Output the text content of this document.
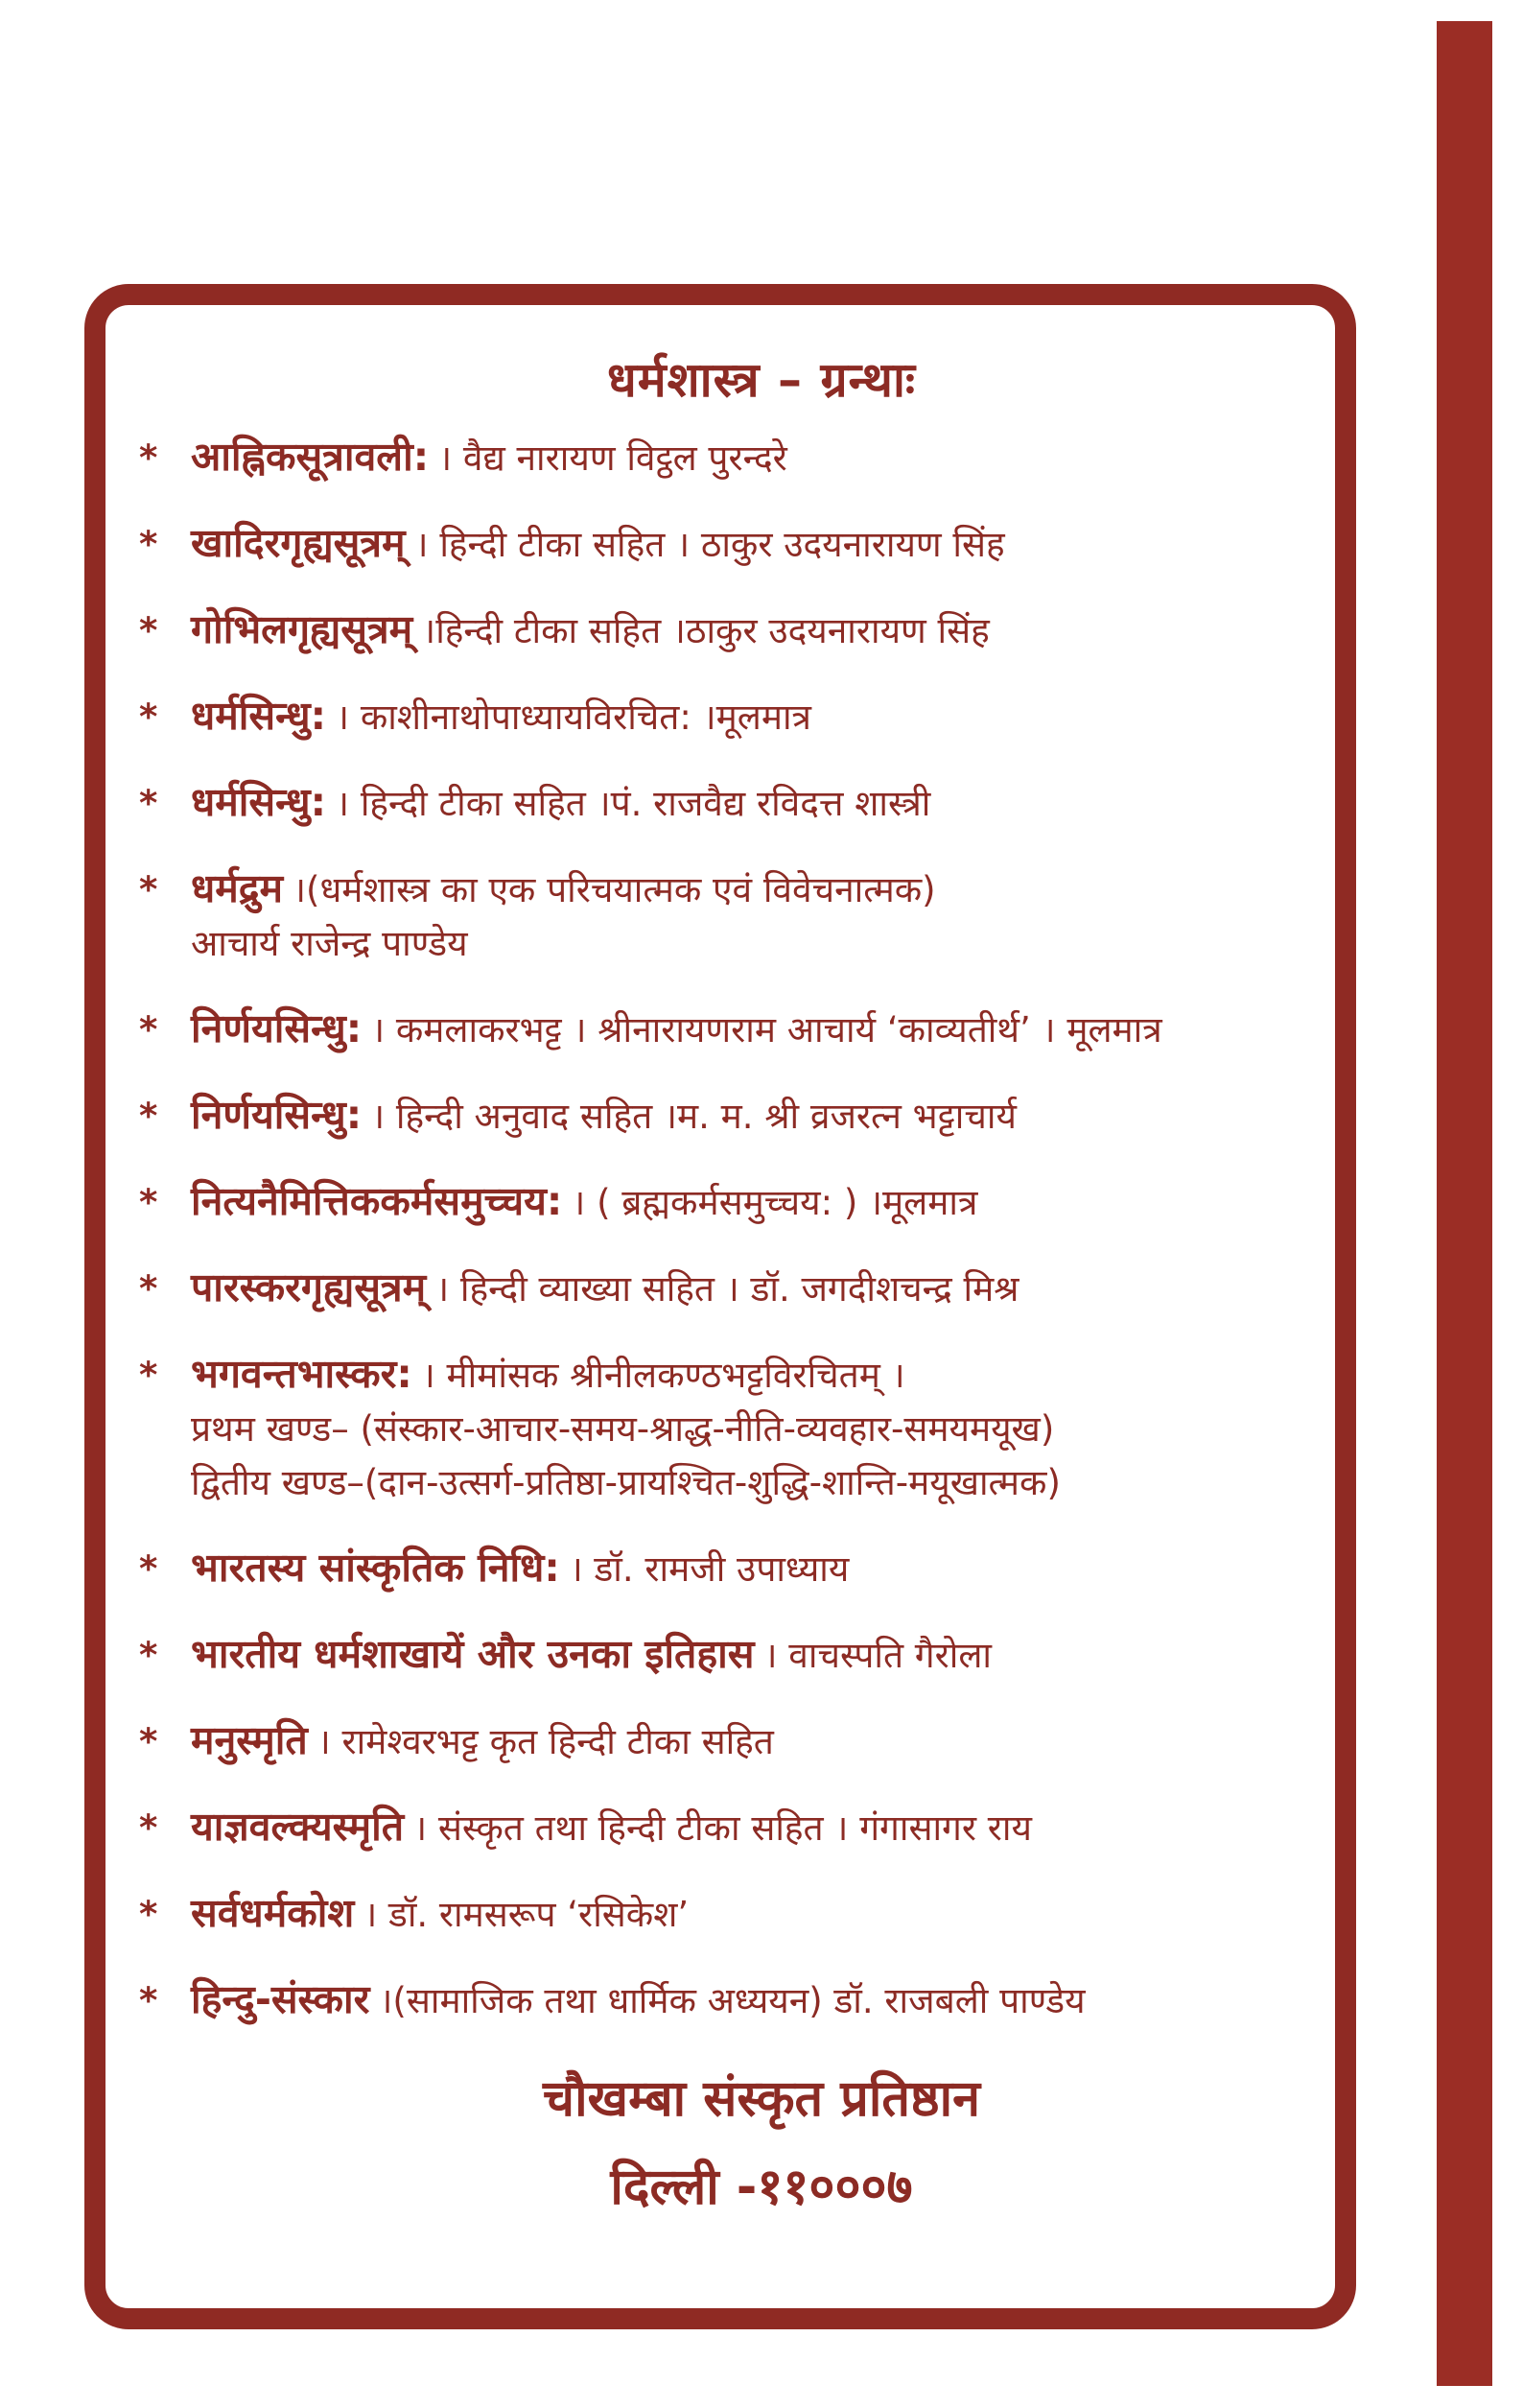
धर्मशास्त्र – ग्रन्थाः
* आह्निकसूत्रावली: । वैद्य नारायण विट्ठल पुरन्दरे
* खादिरगृह्यसूत्रम् । हिन्दी टीका सहित । ठाकुर उदयनारायण सिंह
* गोभिलगृह्यसूत्रम् ।हिन्दी टीका सहित ।ठाकुर उदयनारायण सिंह
* धर्मसिन्धु: । काशीनाथोपाध्यायविरचित: ।मूलमात्र
* धर्मसिन्धु: । हिन्दी टीका सहित ।पं. राजवैद्य रविदत्त शास्त्री
* धर्मद्रुम ।(धर्मशास्त्र का एक परिचयात्मक एवं विवेचनात्मक)
आचार्य राजेन्द्र पाण्डेय
* निर्णयसिन्धु: । कमलाकरभट्ट । श्रीनारायणराम आचार्य ‘काव्यतीर्थ’ । मूलमात्र
* निर्णयसिन्धु: । हिन्दी अनुवाद सहित ।म. म. श्री व्रजरत्न भट्टाचार्य
* नित्यनैमित्तिककर्मसमुच्चय: । ( ब्रह्मकर्मसमुच्चय: ) ।मूलमात्र
* पारस्करगृह्यसूत्रम् । हिन्दी व्याख्या सहित । डॉ. जगदीशचन्द्र मिश्र
* भगवन्तभास्कर: । मीमांसक श्रीनीलकण्ठभट्टविरचितम् ।
प्रथम खण्ड– (संस्कार-आचार-समय-श्राद्ध-नीति-व्यवहार-समयमयूख)
द्वितीय खण्ड–(दान-उत्सर्ग-प्रतिष्ठा-प्रायश्चित-शुद्धि-शान्ति-मयूखात्मक)
* भारतस्य सांस्कृतिक निधि: । डॉ. रामजी उपाध्याय
* भारतीय धर्मशाखायें और उनका इतिहास । वाचस्पति गैरोला
* मनुस्मृति । रामेश्वरभट्ट कृत हिन्दी टीका सहित
* याज्ञवल्क्यस्मृति । संस्कृत तथा हिन्दी टीका सहित । गंगासागर राय
* सर्वधर्मकोश । डॉ. रामसरूप ‘रसिकेश’
* हिन्दु-संस्कार ।(सामाजिक तथा धार्मिक अध्ययन) डॉ. राजबली पाण्डेय
चौखम्बा संस्कृत प्रतिष्ठान
दिल्ली -११०००७
